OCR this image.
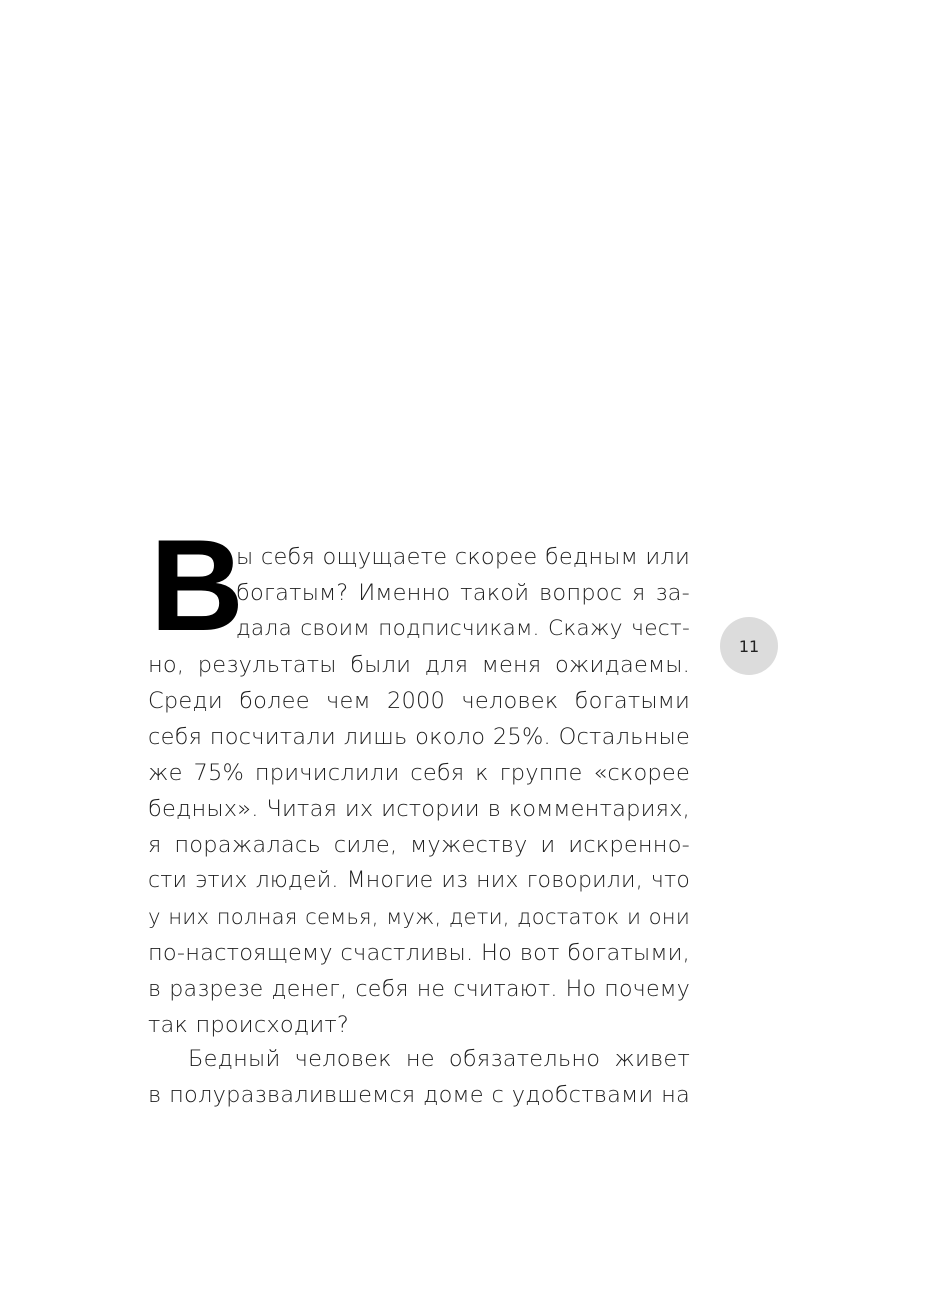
В
ы себя ощущаете скорее бедным или
богатым? Именно такой вопрос я за-
дала своим подписчикам. Скажу чест-
но, результаты были для меня ожидаемы.
Среди более чем 2000 человек богатыми
себя посчитали лишь около 25%. Остальные
же 75% причислили себя к группе «скорее
бедных». Читая их истории в комментариях,
я поражалась силе, мужеству и искренно-
сти этих людей. Многие из них говорили, что
у них полная семья, муж, дети, достаток и они
по-настоящему счастливы. Но вот богатыми,
в разрезе денег, себя не считают. Но почему
так происходит?
Бедный человек не обязательно живет
в полуразвалившемся доме с удобствами на
11
